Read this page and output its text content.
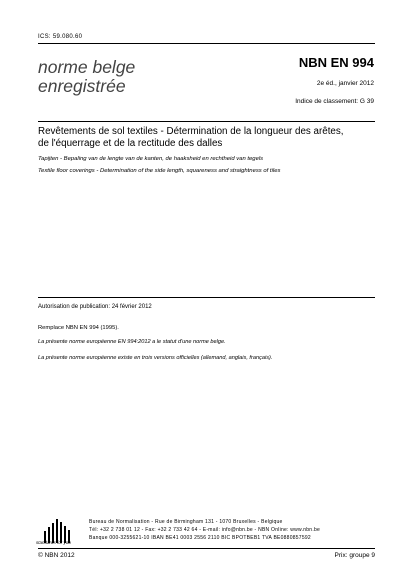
ICS: 59.080.60
norme belge
enregistrée
NBN EN 994
2e éd., janvier 2012
Indice de classement: G 39
Revêtements de sol textiles - Détermination de la longueur des arêtes,
de l'équerrage et de la rectitude des dalles
Tapijten - Bepaling van de lengte van de kanten, de haaksheid en rechtheid van tegels
Textile floor coverings - Determination of the side length, squareness and straightness of tiles
Autorisation de publication: 24 février 2012
Remplace NBN EN 994 (1995).
La présente norme européenne EN 994:2012 a le statut d'une norme belge.
La présente norme européenne existe en trois versions officielles (allemand, anglais, français).
standards for you
Bureau de Normalisation - Rue de Birmingham 131 - 1070 Bruxelles - Belgique
Tél: +32 2 738 01 12 - Fax: +32 2 733 42 64 - E-mail: info@nbn.be - NBN Online: www.nbn.be
Banque 000-3255621-10 IBAN BE41 0003 2556 2110 BIC BPOTBEB1 TVA BE0880857592
© NBN 2012	Prix: groupe 9
